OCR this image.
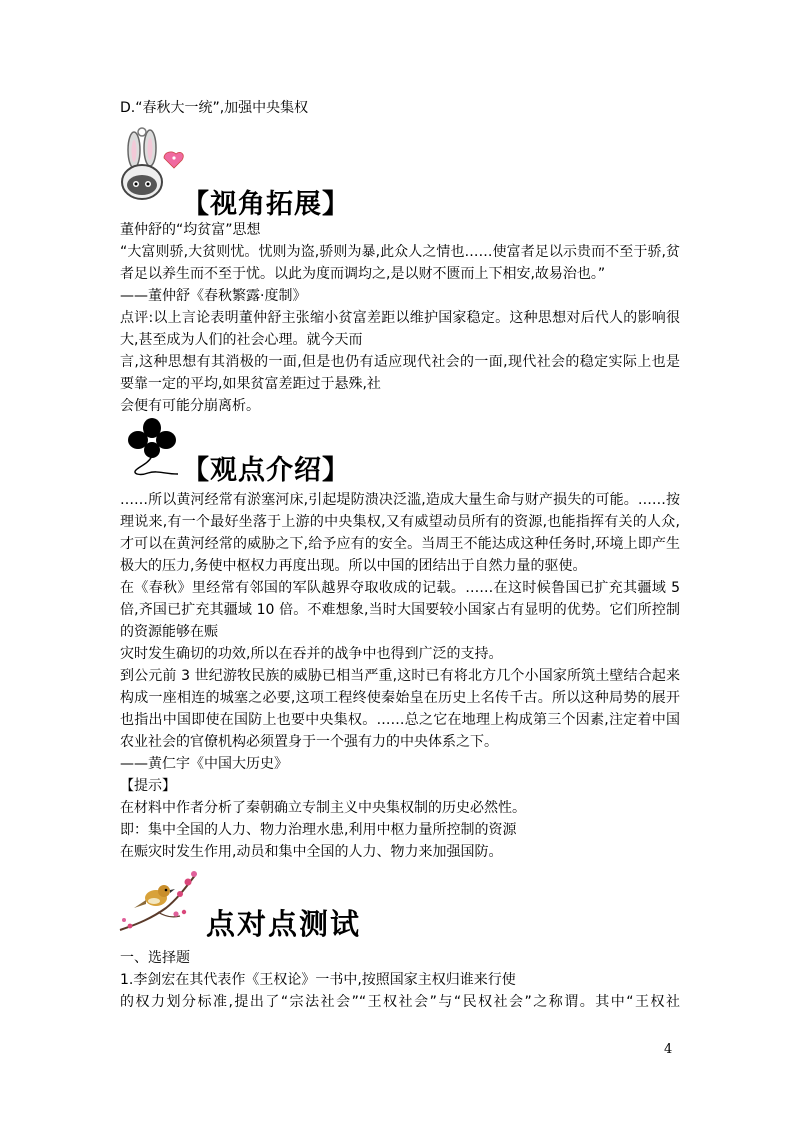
D.“春秋大一统”,加强中央集权
【视角拓展】
董仲舒的“均贫富”思想
“大富则骄,大贫则忧。忧则为盗,骄则为暴,此众人之情也……使富者足以示贵而不至于骄,贫
者足以养生而不至于忧。以此为度而调均之,是以财不匮而上下相安,故易治也。”
——董仲舒《春秋繁露·度制》
点评:以上言论表明董仲舒主张缩小贫富差距以维护国家稳定。这种思想对后代人的影响很
大,甚至成为人们的社会心理。就今天而
言,这种思想有其消极的一面,但是也仍有适应现代社会的一面,现代社会的稳定实际上也是
要靠一定的平均,如果贫富差距过于悬殊,社
会便有可能分崩离析。
【观点介绍】
……所以黄河经常有淤塞河床,引起堤防溃决泛滥,造成大量生命与财产损失的可能。……按
理说来,有一个最好坐落于上游的中央集权,又有威望动员所有的资源,也能指挥有关的人众,
才可以在黄河经常的威胁之下,给予应有的安全。当周王不能达成这种任务时,环境上即产生
极大的压力,务使中枢权力再度出现。所以中国的团结出于自然力量的驱使。
在《春秋》里经常有邻国的军队越界夺取收成的记载。……在这时候鲁国已扩充其疆域 5
倍,齐国已扩充其疆域 10 倍。不难想象,当时大国要较小国家占有显明的优势。它们所控制
的资源能够在赈
灾时发生确切的功效,所以在吞并的战争中也得到广泛的支持。
到公元前 3 世纪游牧民族的威胁已相当严重,这时已有将北方几个小国家所筑土壁结合起来
构成一座相连的城塞之必要,这项工程终使秦始皇在历史上名传千古。所以这种局势的展开
也指出中国即使在国防上也要中央集权。……总之它在地理上构成第三个因素,注定着中国
农业社会的官僚机构必须置身于一个强有力的中央体系之下。
——黄仁宇《中国大历史》
【提示】
在材料中作者分析了秦朝确立专制主义中央集权制的历史必然性。
即：集中全国的人力、物力治理水患,利用中枢力量所控制的资源
在赈灾时发生作用,动员和集中全国的人力、物力来加强国防。
点对点测试
一、选择题
1.李剑宏在其代表作《王权论》一书中,按照国家主权归谁来行使
的权力划分标准,提出了“宗法社会”“王权社会”与“民权社会”之称谓。其中“王权社
4
